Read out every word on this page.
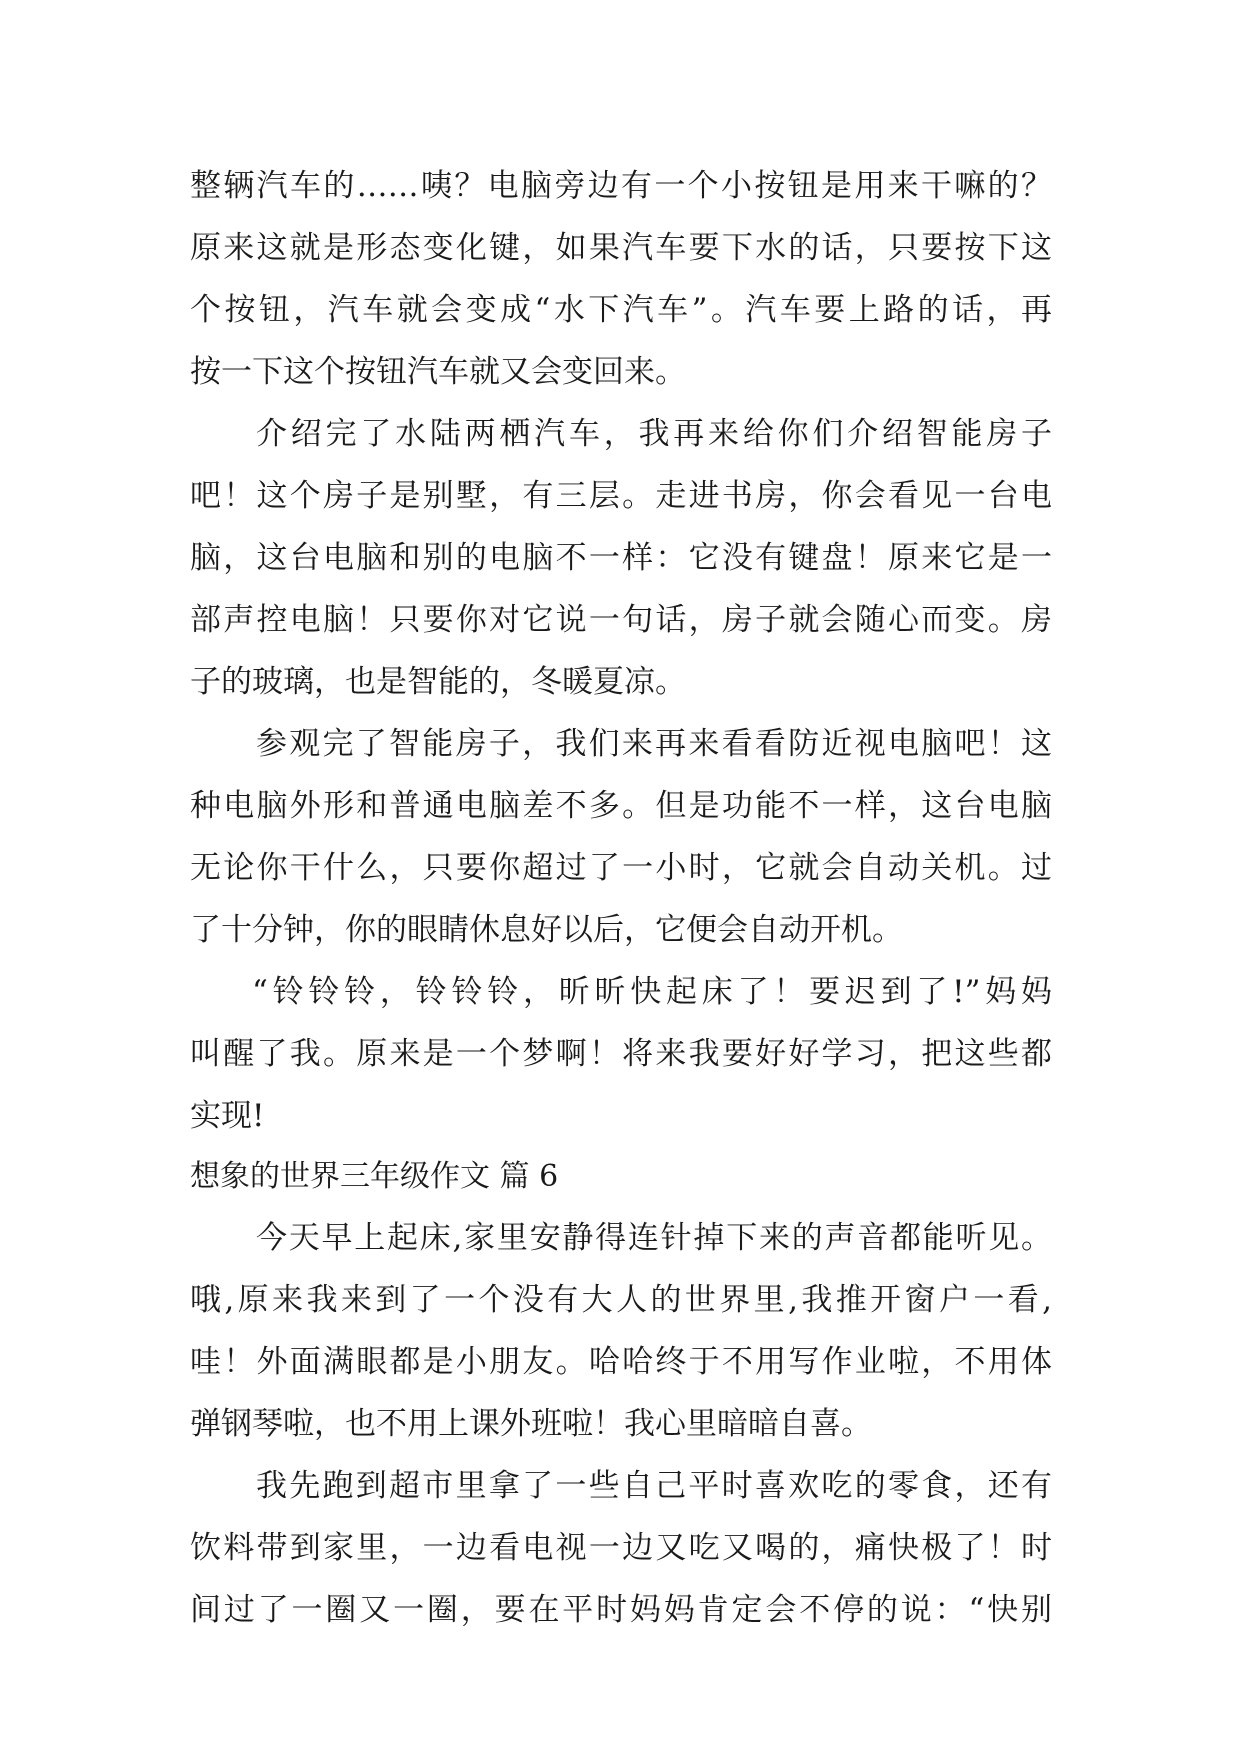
整辆汽车的……咦？电脑旁边有一个小按钮是用来干嘛的？
原来这就是形态变化键，如果汽车要下水的话，只要按下这
个按钮，汽车就会变成“水下汽车”。汽车要上路的话，再
按一下这个按钮汽车就又会变回来。
介绍完了水陆两栖汽车，我再来给你们介绍智能房子
吧！这个房子是别墅，有三层。走进书房，你会看见一台电
脑，这台电脑和别的电脑不一样：它没有键盘！原来它是一
部声控电脑！只要你对它说一句话，房子就会随心而变。房
子的玻璃，也是智能的，冬暖夏凉。
参观完了智能房子，我们来再来看看防近视电脑吧！这
种电脑外形和普通电脑差不多。但是功能不一样，这台电脑
无论你干什么，只要你超过了一小时，它就会自动关机。过
了十分钟，你的眼睛休息好以后，它便会自动开机。
“铃铃铃，铃铃铃，昕昕快起床了！要迟到了!”妈妈
叫醒了我。原来是一个梦啊！将来我要好好学习，把这些都
实现!
想象的世界三年级作文 篇 6
今天早上起床,家里安静得连针掉下来的声音都能听见。
哦,原来我来到了一个没有大人的世界里,我推开窗户一看,
哇！外面满眼都是小朋友。哈哈终于不用写作业啦，不用体
弹钢琴啦，也不用上课外班啦！我心里暗暗自喜。
我先跑到超市里拿了一些自己平时喜欢吃的零食，还有
饮料带到家里，一边看电视一边又吃又喝的，痛快极了！时
间过了一圈又一圈，要在平时妈妈肯定会不停的说：“快别
